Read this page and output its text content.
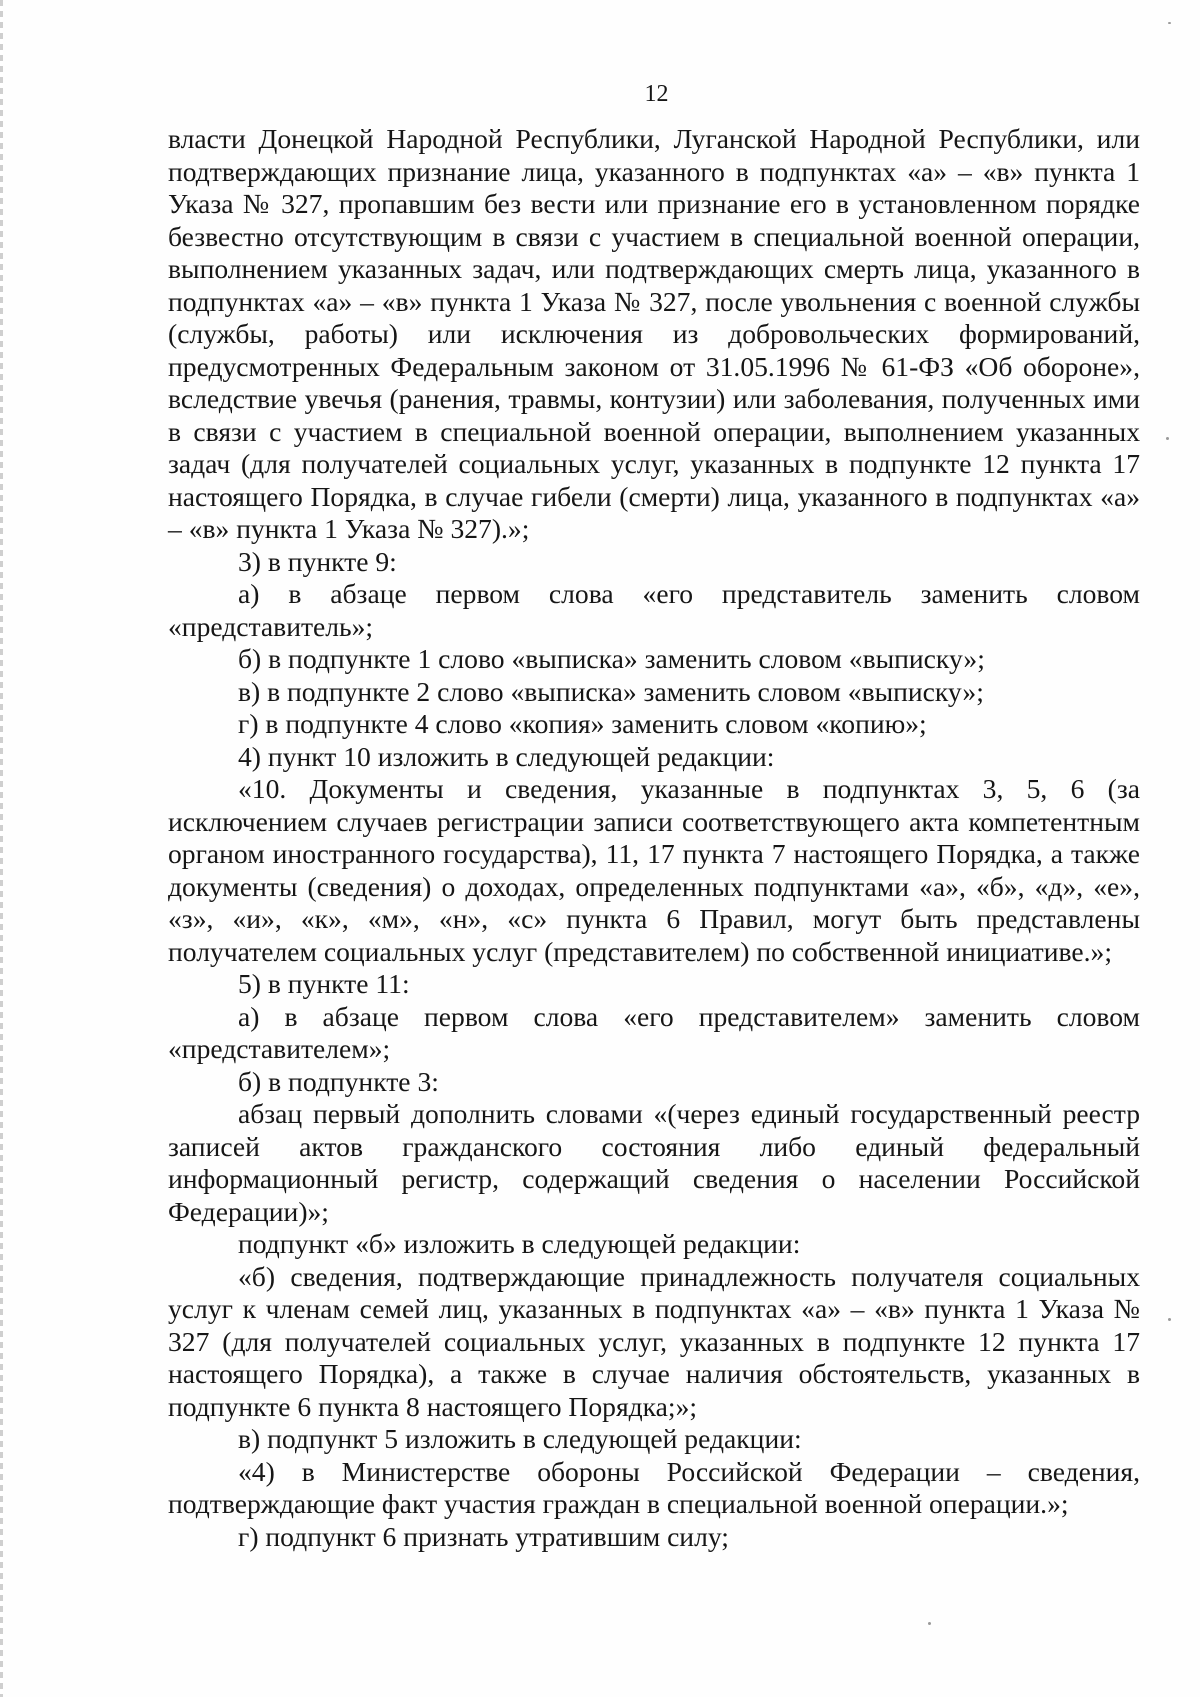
12

власти Донецкой Народной Республики, Луганской Народной Республики, или подтверждающих признание лица, указанного в подпунктах «а» – «в» пункта 1 Указа № 327, пропавшим без вести или признание его в установленном порядке безвестно отсутствующим в связи с участием в специальной военной операции, выполнением указанных задач, или подтверждающих смерть лица, указанного в подпунктах «а» – «в» пункта 1 Указа № 327, после увольнения с военной службы (службы, работы) или исключения из добровольческих формирований, предусмотренных Федеральным законом от 31.05.1996 № 61-ФЗ «Об обороне», вследствие увечья (ранения, травмы, контузии) или заболевания, полученных ими в связи с участием в специальной военной операции, выполнением указанных задач (для получателей социальных услуг, указанных в подпункте 12 пункта 17 настоящего Порядка, в случае гибели (смерти) лица, указанного в подпунктах «а» – «в» пункта 1 Указа № 327).»;

3) в пункте 9:

а) в абзаце первом слова «его представитель заменить словом «представитель»;

б) в подпункте 1 слово «выписка» заменить словом «выписку»;

в) в подпункте 2 слово «выписка» заменить словом «выписку»;

г) в подпункте 4 слово «копия» заменить словом «копию»;

4) пункт 10 изложить в следующей редакции:

«10. Документы и сведения, указанные в подпунктах 3, 5, 6 (за исключением случаев регистрации записи соответствующего акта компетентным органом иностранного государства), 11, 17 пункта 7 настоящего Порядка, а также документы (сведения) о доходах, определенных подпунктами «а», «б», «д», «е», «з», «и», «к», «м», «н», «с» пункта 6 Правил, могут быть представлены получателем социальных услуг (представителем) по собственной инициативе.»;

5) в пункте 11:

а) в абзаце первом слова «его представителем» заменить словом «представителем»;

б) в подпункте 3:

абзац первый дополнить словами «(через единый государственный реестр записей актов гражданского состояния либо единый федеральный информационный регистр, содержащий сведения о населении Российской Федерации)»;

подпункт «б» изложить в следующей редакции:

«б) сведения, подтверждающие принадлежность получателя социальных услуг к членам семей лиц, указанных в подпунктах «а» – «в» пункта 1 Указа № 327 (для получателей социальных услуг, указанных в подпункте 12 пункта 17 настоящего Порядка), а также в случае наличия обстоятельств, указанных в подпункте 6 пункта 8 настоящего Порядка;»;

в) подпункт 5 изложить в следующей редакции:

«4) в Министерстве обороны Российской Федерации – сведения, подтверждающие факт участия граждан в специальной военной операции.»;

г) подпункт 6 признать утратившим силу;
